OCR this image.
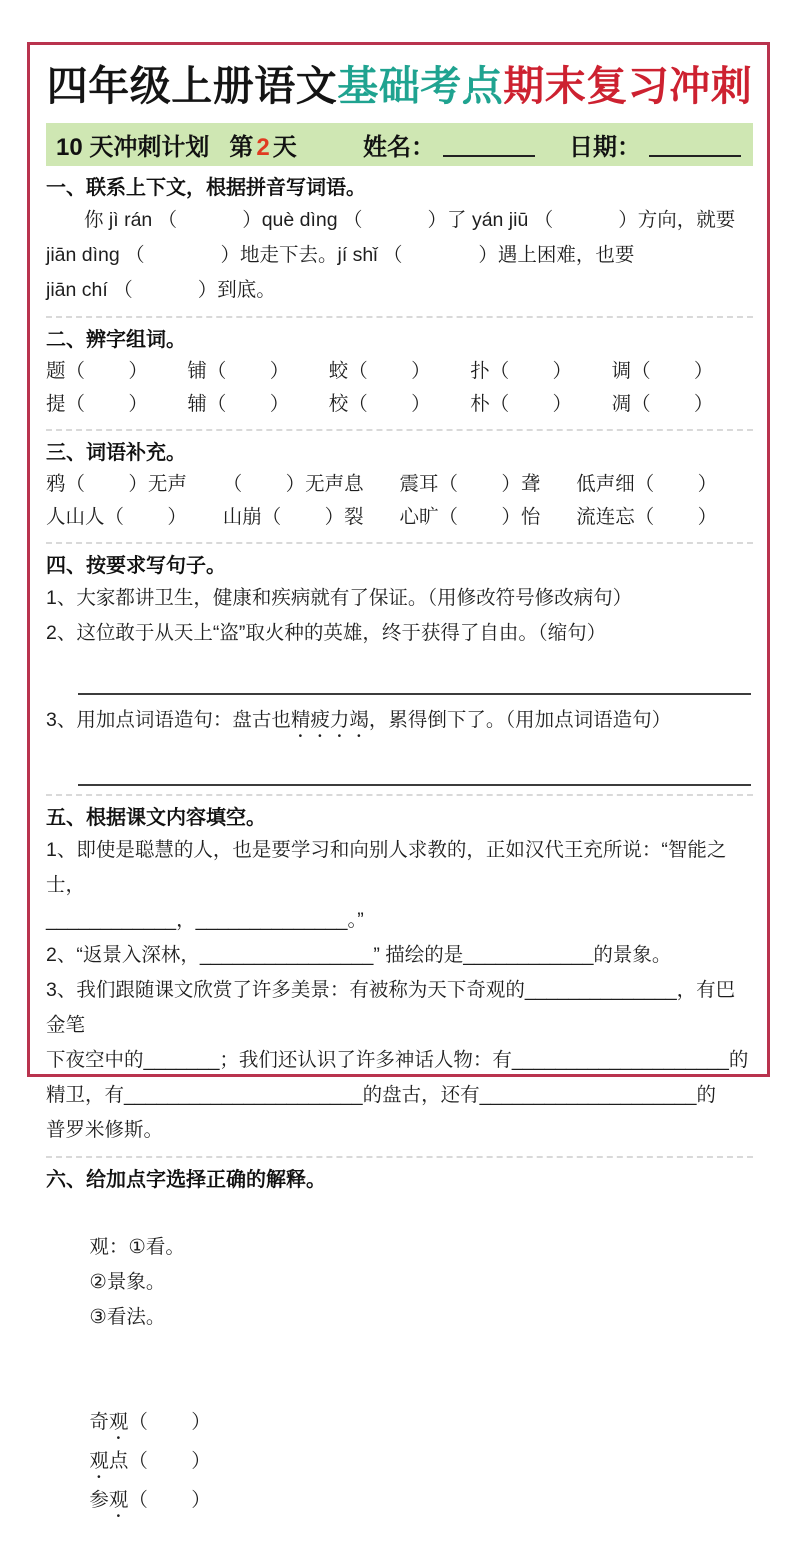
四年级上册语文基础考点期末复习冲刺
10 天冲刺计划 第 2 天	姓名：	日期：
一、联系上下文，根据拼音写词语。
你 jì rán （            ）què dìng （            ）了 yán jiū （            ）方向，就要
jiān dìng （              ）地走下去。jí shǐ （              ）遇上困难，也要
jiān chí （            ）到底。
二、辨字组词。
题（        ）	铺（        ）	蛟（        ）	扑（        ）	调（        ）
提（        ）	辅（        ）	校（        ）	朴（        ）	凋（        ）
三、词语补充。
鸦（        ）无声	（        ）无声息	震耳（        ）聋	低声细（        ）
人山人（        ）	山崩（        ）裂	心旷（        ）怡	流连忘（        ）
四、按要求写句子。
1、大家都讲卫生，健康和疾病就有了保证。（用修改符号修改病句）
2、这位敢于从天上“盗”取火种的英雄，终于获得了自由。（缩句）
3、用加点词语造句：盘古也精疲力竭，累得倒下了。（用加点词语造句）
五、根据课文内容填空。
1、即使是聪慧的人，也是要学习和向别人求教的，正如汉代王充所说：“智能之士，
____________，______________。”
2、“返景入深林，________________” 描绘的是____________的景象。
3、我们跟随课文欣赏了许多美景：有被称为天下奇观的______________，有巴金笔
下夜空中的_______；我们还认识了许多神话人物：有____________________的
精卫，有______________________的盘古，还有____________________的
普罗米修斯。
六、给加点字选择正确的解释。

观：①看。
②景象。
③看法。

奇观（        ）
观点（        ）
参观（        ）
